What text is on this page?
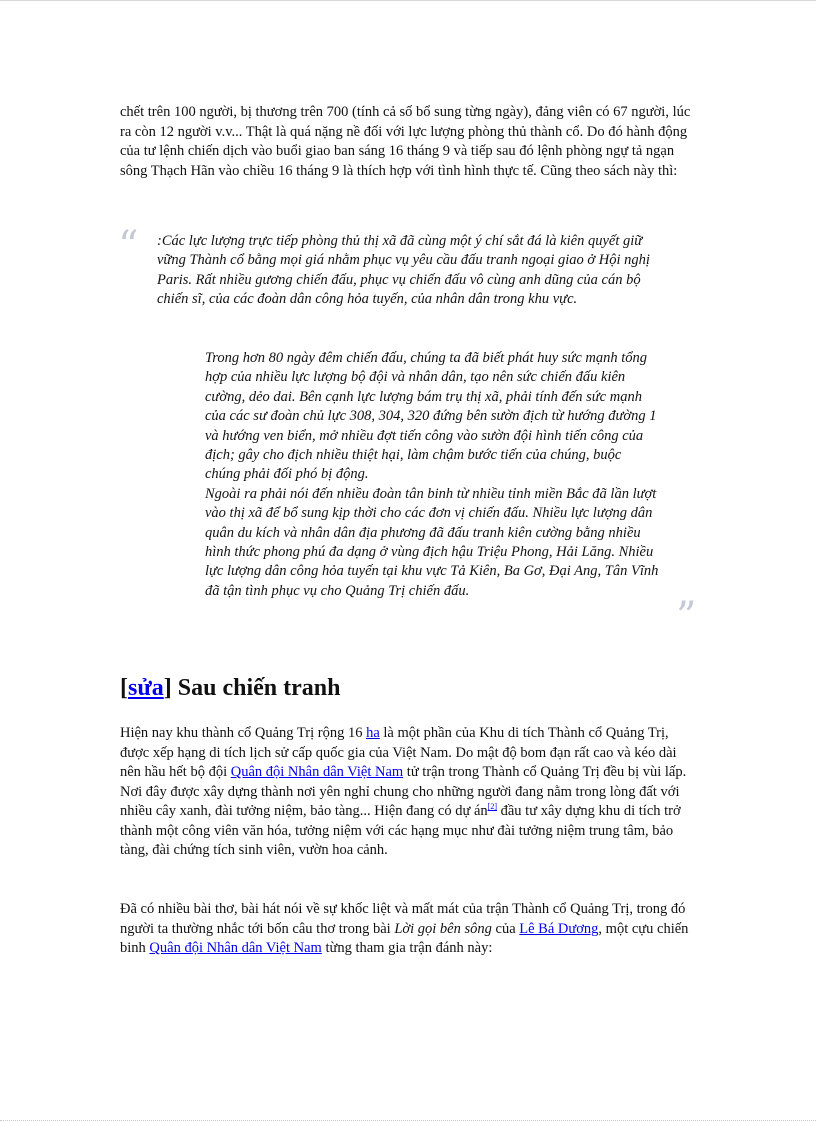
chết trên 100 người, bị thương trên 700 (tính cả số bổ sung từng ngày), đảng viên có 67 người, lúc ra còn 12 người v.v... Thật là quá nặng nề đối với lực lượng phòng thủ thành cổ. Do đó hành động của tư lệnh chiến dịch vào buổi giao ban sáng 16 tháng 9 và tiếp sau đó lệnh phòng ngự tả ngạn sông Thạch Hãn vào chiều 16 tháng 9 là thích hợp với tình hình thực tế. Cũng theo sách này thì:

“ :Các lực lượng trực tiếp phòng thủ thị xã đã cùng một ý chí sắt đá là kiên quyết giữ vững Thành cổ bằng mọi giá nhằm phục vụ yêu cầu đấu tranh ngoại giao ở Hội nghị Paris. Rất nhiều gương chiến đấu, phục vụ chiến đấu vô cùng anh dũng của cán bộ chiến sĩ, của các đoàn dân công hỏa tuyến, của nhân dân trong khu vực.

Trong hơn 80 ngày đêm chiến đấu, chúng ta đã biết phát huy sức mạnh tổng hợp của nhiều lực lượng bộ đội và nhân dân, tạo nên sức chiến đấu kiên cường, dẻo dai. Bên cạnh lực lượng bám trụ thị xã, phải tính đến sức mạnh của các sư đoàn chủ lực 308, 304, 320 đứng bên sườn địch từ hướng đường 1 và hướng ven biển, mở nhiều đợt tiến công vào sườn đội hình tiến công của địch; gây cho địch nhiều thiệt hại, làm chậm bước tiến của chúng, buộc chúng phải đối phó bị động.

Ngoài ra phải nói đến nhiều đoàn tân binh từ nhiều tỉnh miền Bắc đã lần lượt vào thị xã để bổ sung kịp thời cho các đơn vị chiến đấu. Nhiều lực lượng dân quân du kích và nhân dân địa phương đã đấu tranh kiên cường bằng nhiều hình thức phong phú đa dạng ở vùng địch hậu Triệu Phong, Hải Lăng. Nhiều lực lượng dân công hỏa tuyến tại khu vực Tả Kiên, Ba Gơ, Đại Ang, Tân Vĩnh đã tận tình phục vụ cho Quảng Trị chiến đấu.

”
[sửa] Sau chiến tranh

Hiện nay khu thành cổ Quảng Trị rộng 16 ha là một phần của Khu di tích Thành cổ Quảng Trị, được xếp hạng di tích lịch sử cấp quốc gia của Việt Nam. Do mật độ bom đạn rất cao và kéo dài nên hầu hết bộ đội Quân đội Nhân dân Việt Nam tử trận trong Thành cổ Quảng Trị đều bị vùi lấp. Nơi đây được xây dựng thành nơi yên nghỉ chung cho những người đang nằm trong lòng đất với nhiều cây xanh, đài tưởng niệm, bảo tàng... Hiện đang có dự án[2] đầu tư xây dựng khu di tích trở thành một công viên văn hóa, tưởng niệm với các hạng mục như đài tưởng niệm trung tâm, bảo tàng, đài chứng tích sinh viên, vườn hoa cảnh.

Đã có nhiều bài thơ, bài hát nói về sự khốc liệt và mất mát của trận Thành cổ Quảng Trị, trong đó người ta thường nhắc tới bốn câu thơ trong bài Lời gọi bên sông của Lê Bá Dương, một cựu chiến binh Quân đội Nhân dân Việt Nam từng tham gia trận đánh này:
